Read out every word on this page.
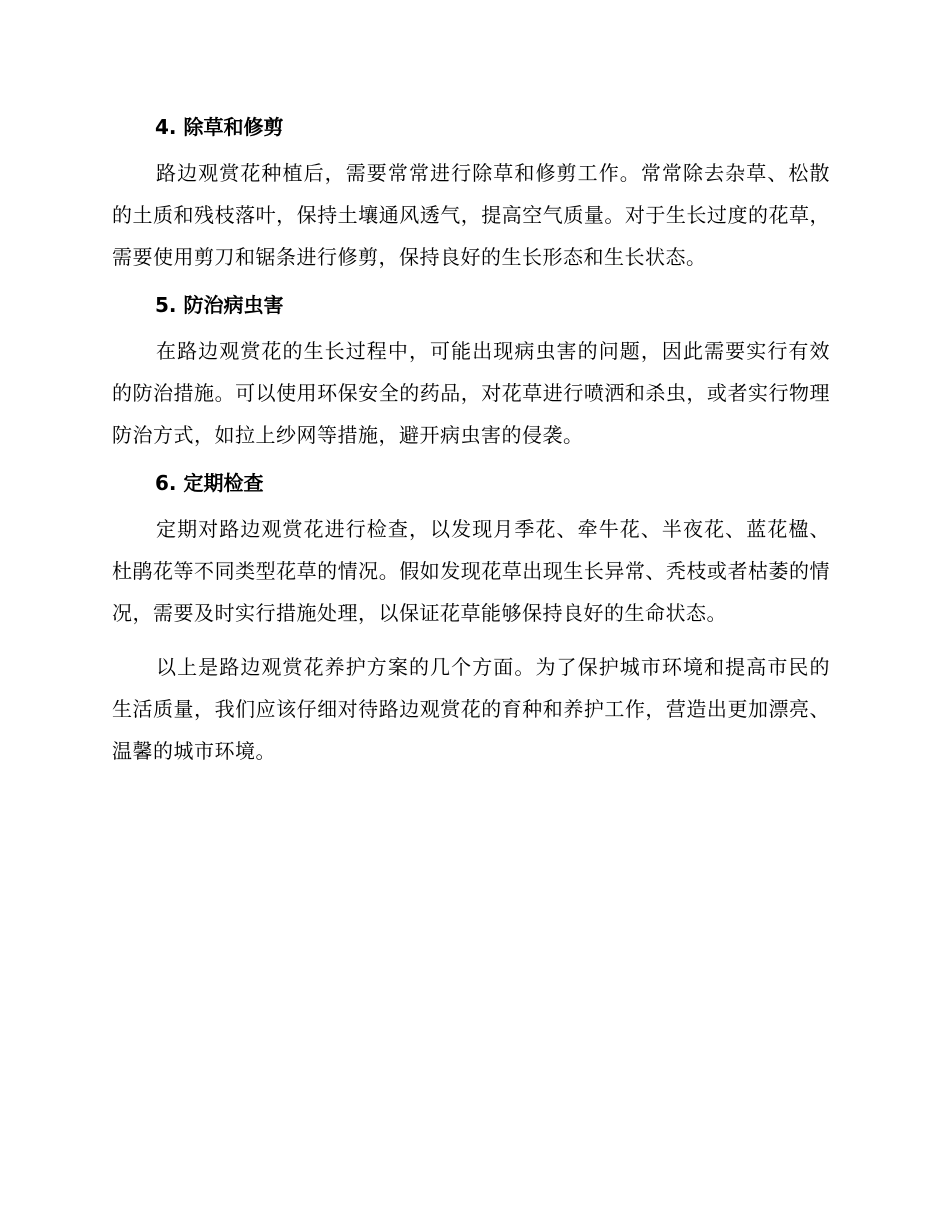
4. 除草和修剪

路边观赏花种植后，需要常常进行除草和修剪工作。常常除去杂草、松散的土质和残枝落叶，保持土壤通风透气，提高空气质量。对于生长过度的花草，需要使用剪刀和锯条进行修剪，保持良好的生长形态和生长状态。

5. 防治病虫害

在路边观赏花的生长过程中，可能出现病虫害的问题，因此需要实行有效的防治措施。可以使用环保安全的药品，对花草进行喷洒和杀虫，或者实行物理防治方式，如拉上纱网等措施，避开病虫害的侵袭。

6. 定期检查

定期对路边观赏花进行检查，以发现月季花、牵牛花、半夜花、蓝花楹、杜鹃花等不同类型花草的情况。假如发现花草出现生长异常、秃枝或者枯萎的情况，需要及时实行措施处理，以保证花草能够保持良好的生命状态。

以上是路边观赏花养护方案的几个方面。为了保护城市环境和提高市民的生活质量，我们应该仔细对待路边观赏花的育种和养护工作，营造出更加漂亮、温馨的城市环境。
